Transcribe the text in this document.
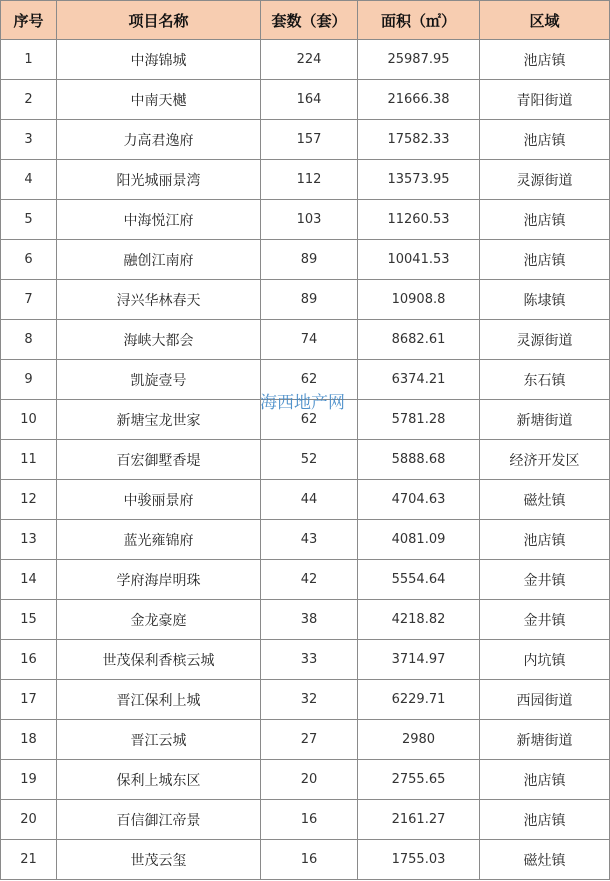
序号	项目名称	套数（套）	面积（㎡）	区域
1	中海锦城	224	25987.95	池店镇
2	中南天樾	164	21666.38	青阳街道
3	力高君逸府	157	17582.33	池店镇
4	阳光城丽景湾	112	13573.95	灵源街道
5	中海悦江府	103	11260.53	池店镇
6	融创江南府	89	10041.53	池店镇
7	浔兴华林春天	89	10908.8	陈埭镇
8	海峡大都会	74	8682.61	灵源街道
9	凯旋壹号	62	6374.21	东石镇
10	新塘宝龙世家	62	5781.28	新塘街道
11	百宏御墅香堤	52	5888.68	经济开发区
12	中骏丽景府	44	4704.63	磁灶镇
13	蓝光雍锦府	43	4081.09	池店镇
14	学府海岸明珠	42	5554.64	金井镇
15	金龙豪庭	38	4218.82	金井镇
16	世茂保利香槟云城	33	3714.97	内坑镇
17	晋江保利上城	32	6229.71	西园街道
18	晋江云城	27	2980	新塘街道
19	保利上城东区	20	2755.65	池店镇
20	百信御江帝景	16	2161.27	池店镇
21	世茂云玺	16	1755.03	磁灶镇
海西地产网
